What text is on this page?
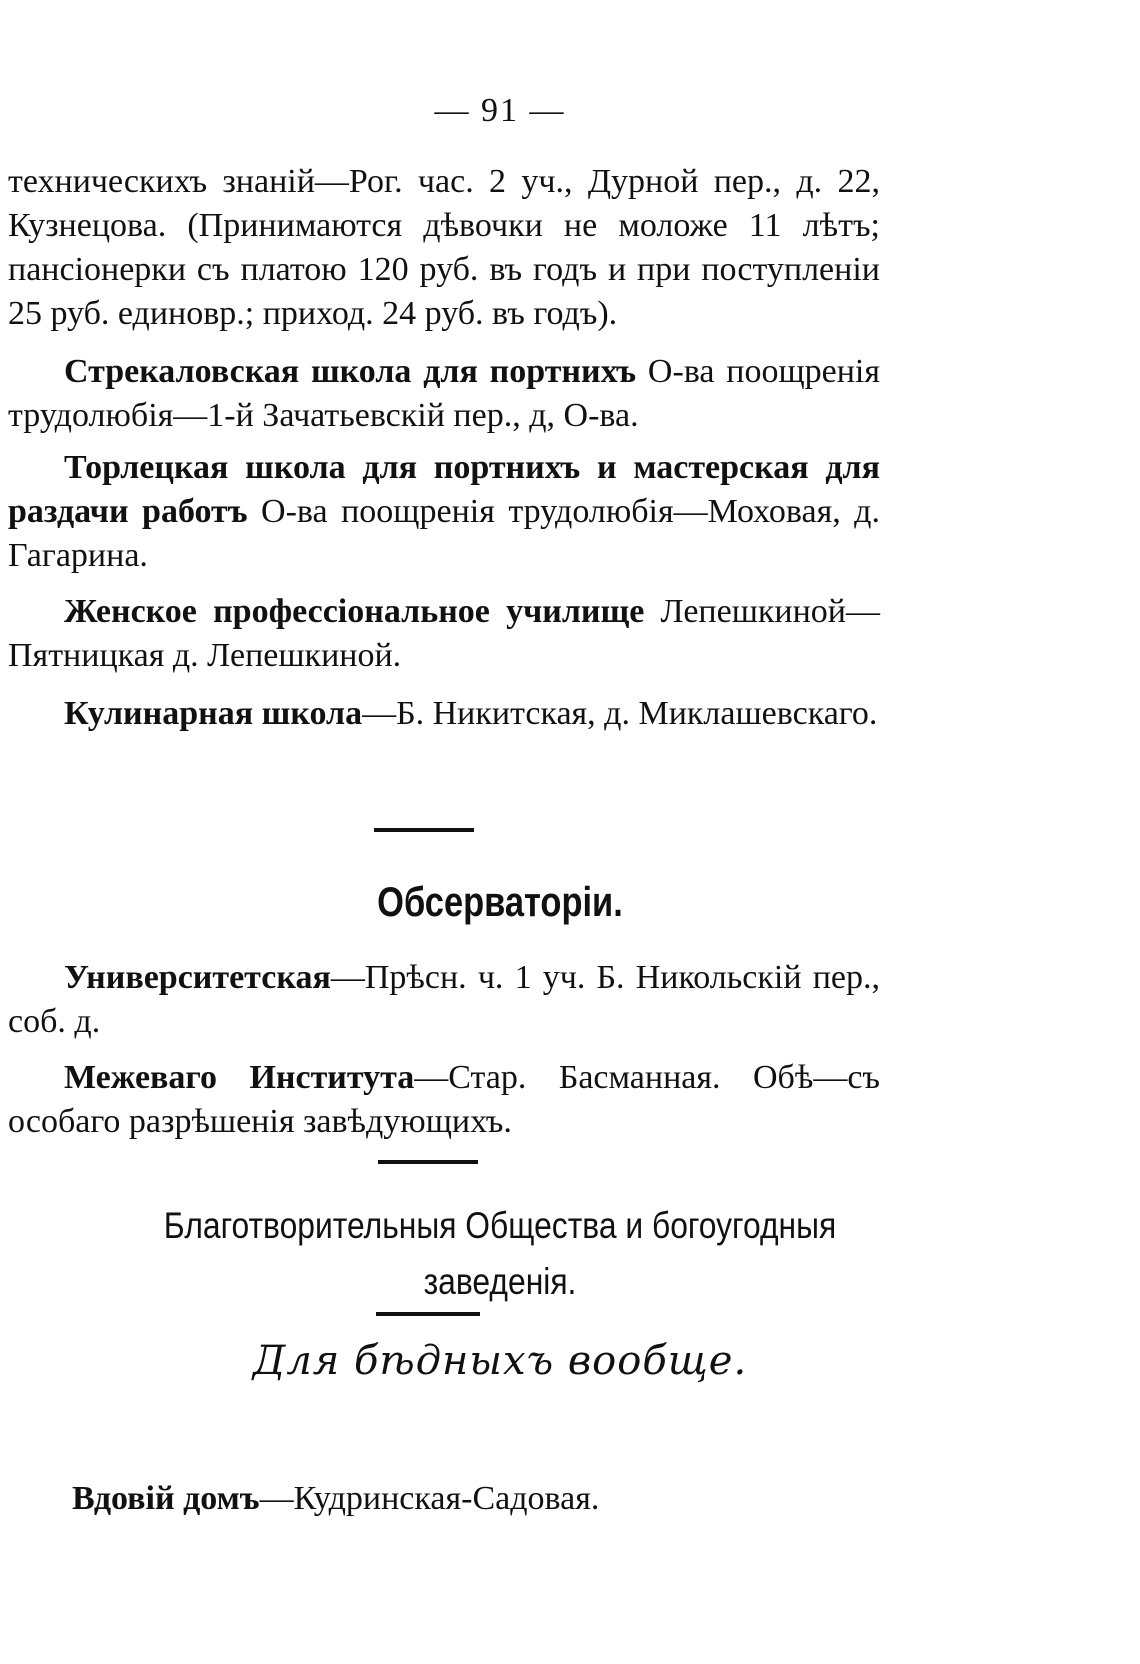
— 91 —

техническихъ знаній—Рог. час. 2 уч., Дурной пер., д. 22, Кузнецова. (Принимаются дѣвочки не моложе 11 лѣтъ; пансіонерки съ платою 120 руб. въ годъ и при поступленіи 25 руб. единовр.; приход. 24 руб. въ годъ).

Стрекаловская школа для портнихъ О-ва поощренія трудолюбія—1-й Зачатьевскій пер., д, О-ва.

Торлецкая школа для портнихъ и мастерская для раздачи работъ О-ва поощренія трудолюбія—Моховая, д. Гагарина.

Женское профессіональное училище Лепешкиной—Пятницкая д. Лепешкиной.

Кулинарная школа—Б. Никитская, д. Миклашевскаго.

Обсерваторіи.

Университетская—Прѣсн. ч. 1 уч. Б. Никольскій пер., соб. д.

Межеваго Института—Стар. Басманная. Обѣ—съ особаго разрѣшенія завѣдующихъ.

Благотворительныя Общества и богоугодныя
заведенія.
Для бѣдныхъ вообще.
Вдовій домъ—Кудринская-Садовая.
